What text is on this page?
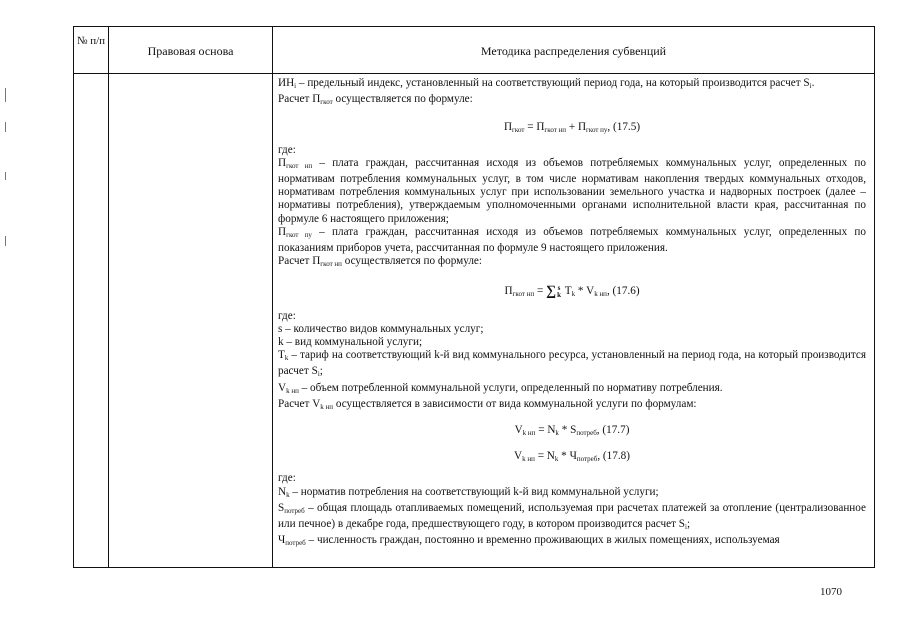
№ п/п
Правовая основа	Методика распределения субвенций

$ИН_i$ – предельный индекс, установленный на соответствующий период года, на который производится расчет $S_i$.

Расчет $П_{гкот}$ осуществляется по формуле:

$П_{гкот} = П_{гкот нп} + П_{гкот пу}$, (17.5)

где:

$П_{гкот нп}$ – плата граждан, рассчитанная исходя из объемов потребляемых коммунальных услуг, определенных по нормативам потребления коммунальных услуг, в том числе нормативам накопления твердых коммунальных отходов, нормативам потребления коммунальных услуг при использовании земельного участка и надворных построек (далее – нормативы потребления), утверждаемым уполномоченными органами исполнительной власти края, рассчитанная по формуле 6 настоящего приложения;

$П_{гкот пу}$ – плата граждан, рассчитанная исходя из объемов потребляемых коммунальных услуг, определенных по показаниям приборов учета, рассчитанная по формуле 9 настоящего приложения.

Расчет $П_{гкот нп}$ осуществляется по формуле:

$П_{гкот нп}$ = ∑ s
k $T_k * V_{k нп}$, (17.6)

где:

s – количество видов коммунальных услуг;

k – вид коммунальной услуги;

$T_k$ – тариф на соответствующий k-й вид коммунального ресурса, установленный на период года, на который производится расчет $S_i$;

$V_{k нп}$ – объем потребленной коммунальной услуги, определенный по нормативу потребления.

Расчет $V_{k нп}$ осуществляется в зависимости от вида коммунальной услуги по формулам:

$V_{k нп} = N_k * S_{потреб}$, (17.7)

$V_{k нп} = N_k * Ч_{потреб}$, (17.8)

где:

$N_k$ – норматив потребления на соответствующий k-й вид коммунальной услуги;

$S_{потреб}$ – общая площадь отапливаемых помещений, используемая при расчетах платежей за отопление (централизованное или печное) в декабре года, предшествующего году, в котором производится расчет $S_i$;

$Ч_{потреб}$ – численность граждан, постоянно и временно проживающих в жилых помещениях, используемая

1070
